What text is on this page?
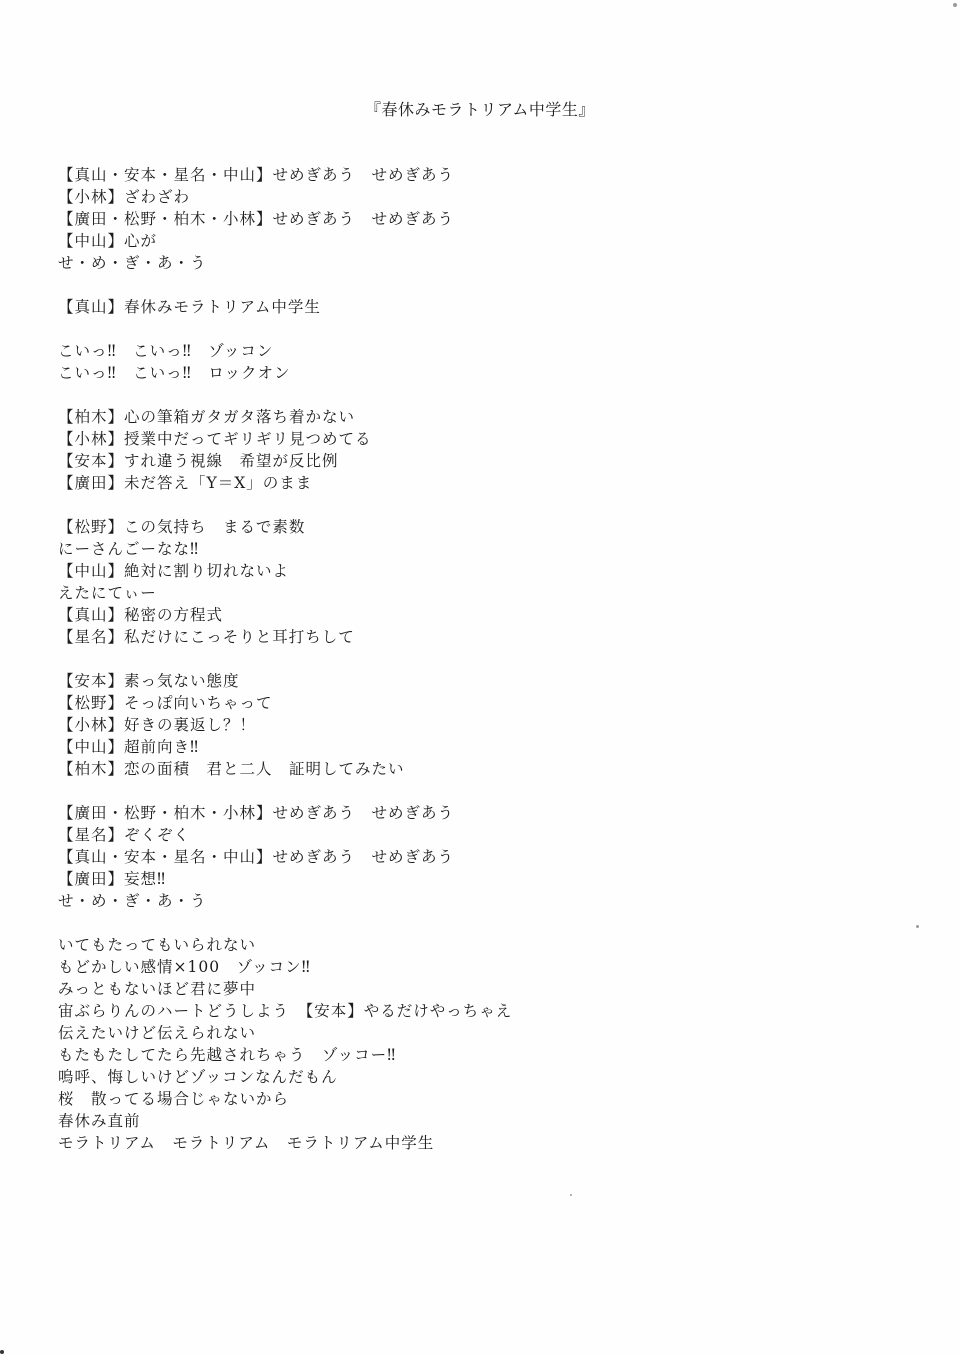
『春休みモラトリアム中学生』
【真山・安本・星名・中山】せめぎあう　せめぎあう
【小林】ざわざわ
【廣田・松野・柏木・小林】せめぎあう　せめぎあう
【中山】心が
せ・め・ぎ・あ・う
【真山】春休みモラトリアム中学生
こいっ‼　こいっ‼　ゾッコン
こいっ‼　こいっ‼　ロックオン
【柏木】心の筆箱ガタガタ落ち着かない
【小林】授業中だってギリギリ見つめてる
【安本】すれ違う視線　希望が反比例
【廣田】未だ答え「Y＝X」のまま
【松野】この気持ち　まるで素数
にーさんごーなな‼
【中山】絶対に割り切れないよ
えたにてぃー
【真山】秘密の方程式
【星名】私だけにこっそりと耳打ちして
【安本】素っ気ない態度
【松野】そっぽ向いちゃって
【小林】好きの裏返し？！
【中山】超前向き‼
【柏木】恋の面積　君と二人　証明してみたい
【廣田・松野・柏木・小林】せめぎあう　せめぎあう
【星名】ぞくぞく
【真山・安本・星名・中山】せめぎあう　せめぎあう
【廣田】妄想‼
せ・め・ぎ・あ・う
いてもたってもいられない
もどかしい感情×100　ゾッコン‼
みっともないほど君に夢中
宙ぶらりんのハートどうしよう　【安本】やるだけやっちゃえ
伝えたいけど伝えられない
もたもたしてたら先越されちゃう　ゾッコー‼
嗚呼、悔しいけどゾッコンなんだもん
桜　散ってる場合じゃないから
春休み直前
モラトリアム　モラトリアム　モラトリアム中学生
